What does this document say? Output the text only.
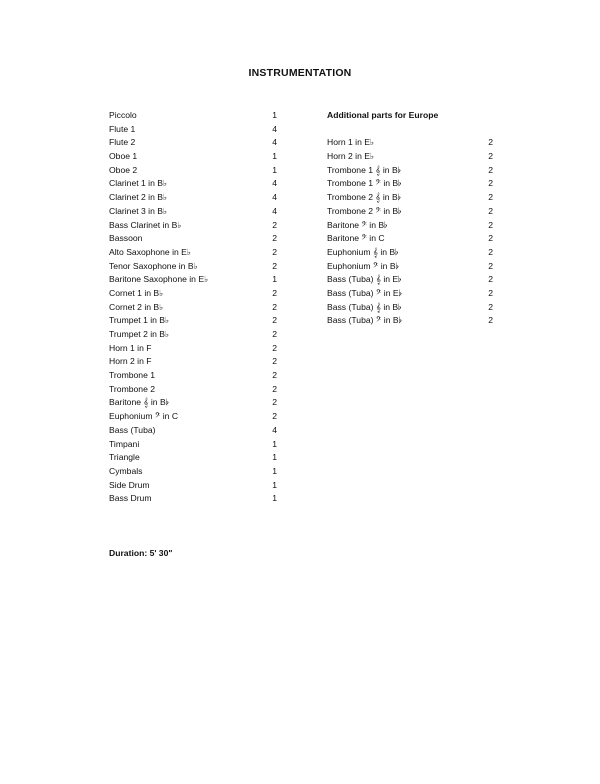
INSTRUMENTATION
Piccolo	1
Flute 1	4
Flute 2	4
Oboe 1	1
Oboe 2	1
Clarinet 1 in B♭	4
Clarinet 2 in B♭	4
Clarinet 3 in B♭	4
Bass Clarinet in B♭	2
Bassoon	2
Alto Saxophone in E♭	2
Tenor Saxophone in B♭	2
Baritone Saxophone in E♭	1
Cornet 1 in B♭	2
Cornet 2 in B♭	2
Trumpet 1 in B♭	2
Trumpet 2 in B♭	2
Horn 1 in F	2
Horn 2 in F	2
Trombone 1	2
Trombone 2	2
Baritone 𝄞 in B♭	2
Euphonium 𝄢 in C	2
Bass (Tuba)	4
Timpani	1
Triangle	1
Cymbals	1
Side Drum	1
Bass Drum	1
Additional parts for Europe
Horn 1 in E♭	2
Horn 2 in E♭	2
Trombone 1 𝄞 in B♭	2
Trombone 1 𝄢 in B♭	2
Trombone 2 𝄞 in B♭	2
Trombone 2 𝄢 in B♭	2
Baritone 𝄢 in B♭	2
Baritone 𝄢 in C	2
Euphonium 𝄞 in B♭	2
Euphonium 𝄢 in B♭	2
Bass (Tuba) 𝄞 in E♭	2
Bass (Tuba) 𝄢 in E♭	2
Bass (Tuba) 𝄞 in B♭	2
Bass (Tuba) 𝄢 in B♭	2
Duration: 5' 30"
